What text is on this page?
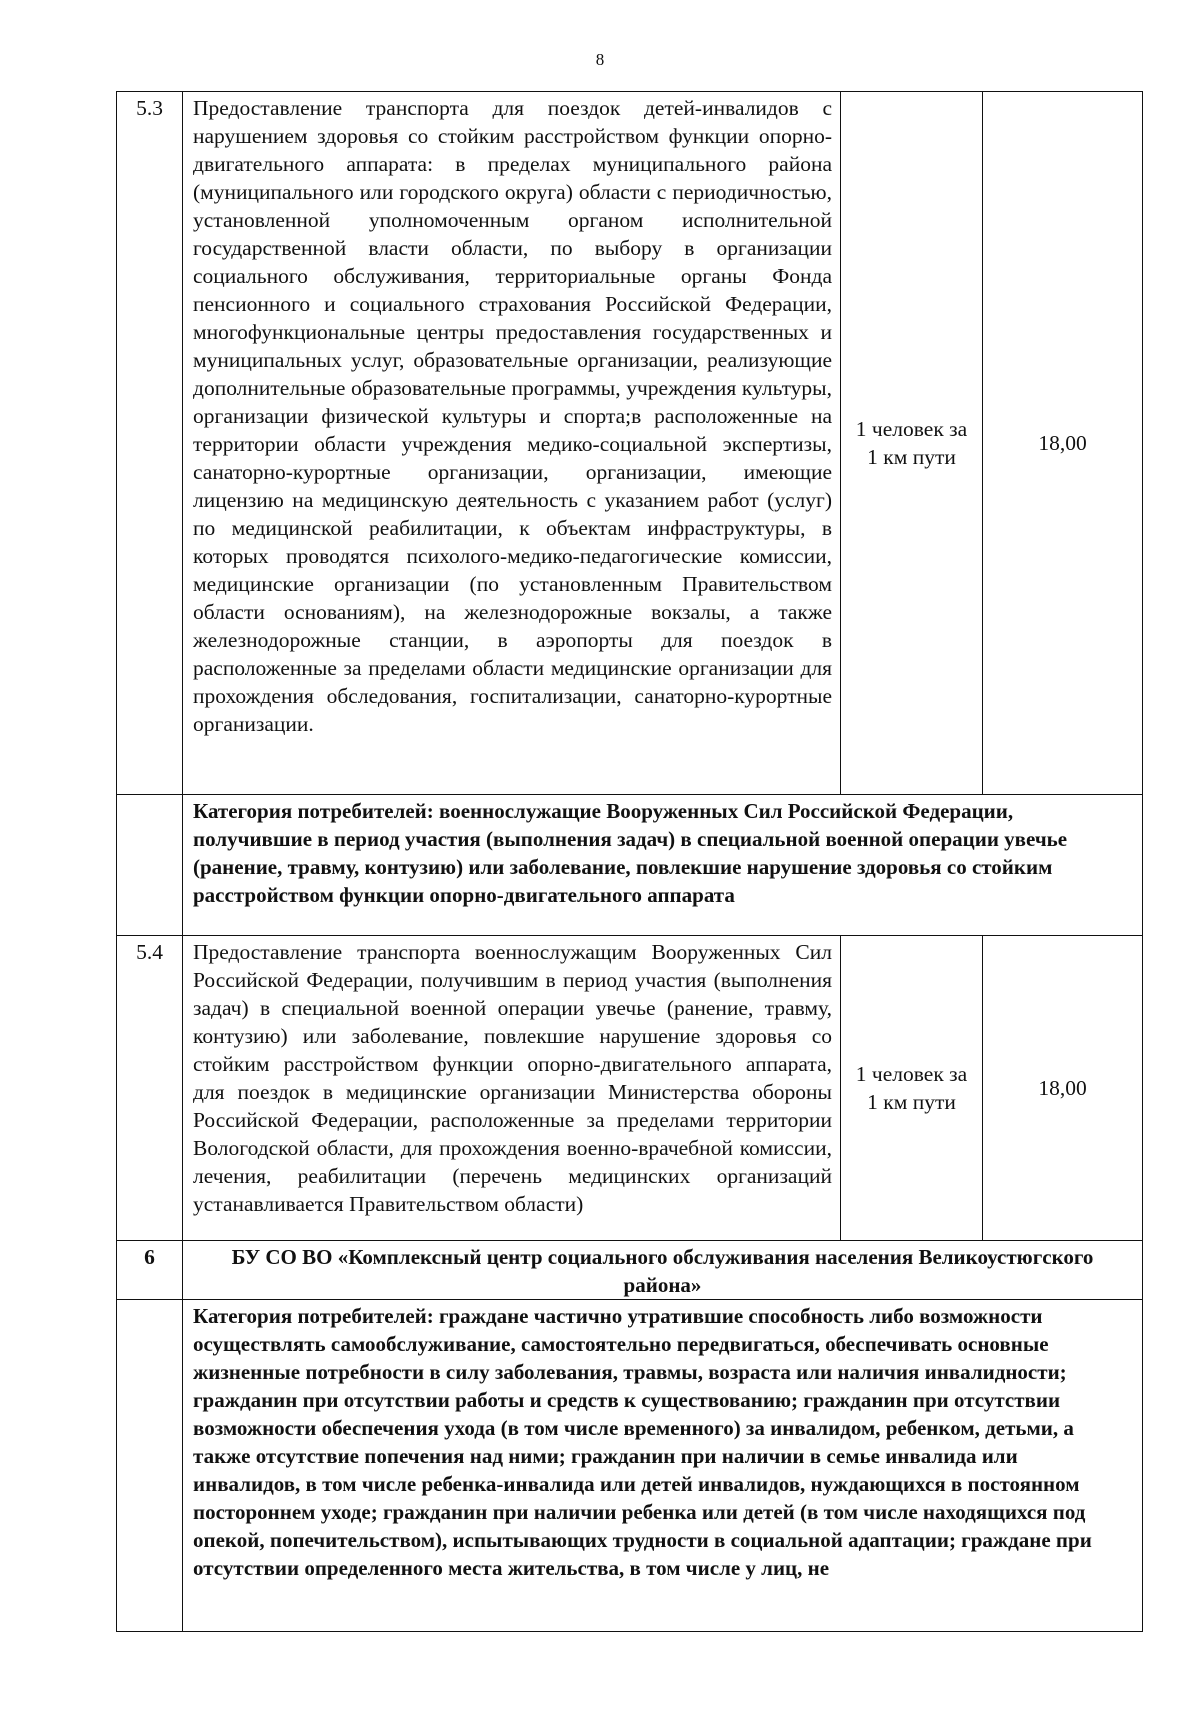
8
5.3	Предоставление транспорта для поездок детей-инвалидов с нарушением здоровья со стойким расстройством функции опорно-двигательного аппарата: в пределах муниципального района (муниципального или городского округа) области с периодичностью, установленной уполномоченным органом исполнительной государственной власти области, по выбору в организации социального обслуживания, территориальные органы Фонда пенсионного и социального страхования Российской Федерации, многофункциональные центры предоставления государственных и муниципальных услуг, образовательные организации, реализующие дополнительные образовательные программы, учреждения культуры, организации физической культуры и спорта;в расположенные на территории области учреждения медико-социальной экспертизы, санаторно-курортные организации, организации, имеющие лицензию на медицинскую деятельность с указанием работ (услуг) по медицинской реабилитации, к объектам инфраструктуры, в которых проводятся психолого-медико-педагогические комиссии, медицинские организации (по установленным Правительством области основаниям), на железнодорожные вокзалы, а также железнодорожные станции, в аэропорты для поездок в расположенные за пределами области медицинские организации для прохождения обследования, госпитализации, санаторно-курортные организации.	1 человек за 1 км пути	18,00

	Категория потребителей: военнослужащие Вооруженных Сил Российской Федерации, получившие в период участия (выполнения задач) в специальной военной операции увечье (ранение, травму, контузию) или заболевание, повлекшие нарушение здоровья со стойким расстройством функции опорно-двигательного аппарата		

5.4	Предоставление транспорта военнослужащим Вооруженных Сил Российской Федерации, получившим в период участия (выполнения задач) в специальной военной операции увечье (ранение, травму, контузию) или заболевание, повлекшие нарушение здоровья со стойким расстройством функции опорно-двигательного аппарата, для поездок в медицинские организации Министерства обороны Российской Федерации, расположенные за пределами территории Вологодской области, для прохождения военно-врачебной комиссии, лечения, реабилитации (перечень медицинских организаций устанавливается Правительством области)	1 человек за 1 км пути	18,00

6	БУ СО ВО «Комплексный центр социального обслуживания населения Великоустюгского района»		

	Категория потребителей: граждане частично утратившие способность либо возможности осуществлять самообслуживание, самостоятельно передвигаться, обеспечивать основные жизненные потребности в силу заболевания, травмы, возраста или наличия инвалидности; гражданин при отсутствии работы и средств к существованию; гражданин при отсутствии возможности обеспечения ухода (в том числе временного) за инвалидом, ребенком, детьми, а также отсутствие попечения над ними; гражданин при наличии в семье инвалида или инвалидов, в том числе ребенка-инвалида или детей инвалидов, нуждающихся в постоянном постороннем уходе; гражданин при наличии ребенка или детей (в том числе находящихся под опекой, попечительством), испытывающих трудности в социальной адаптации; граждане при отсутствии определенного места жительства, в том числе у лиц, не		
